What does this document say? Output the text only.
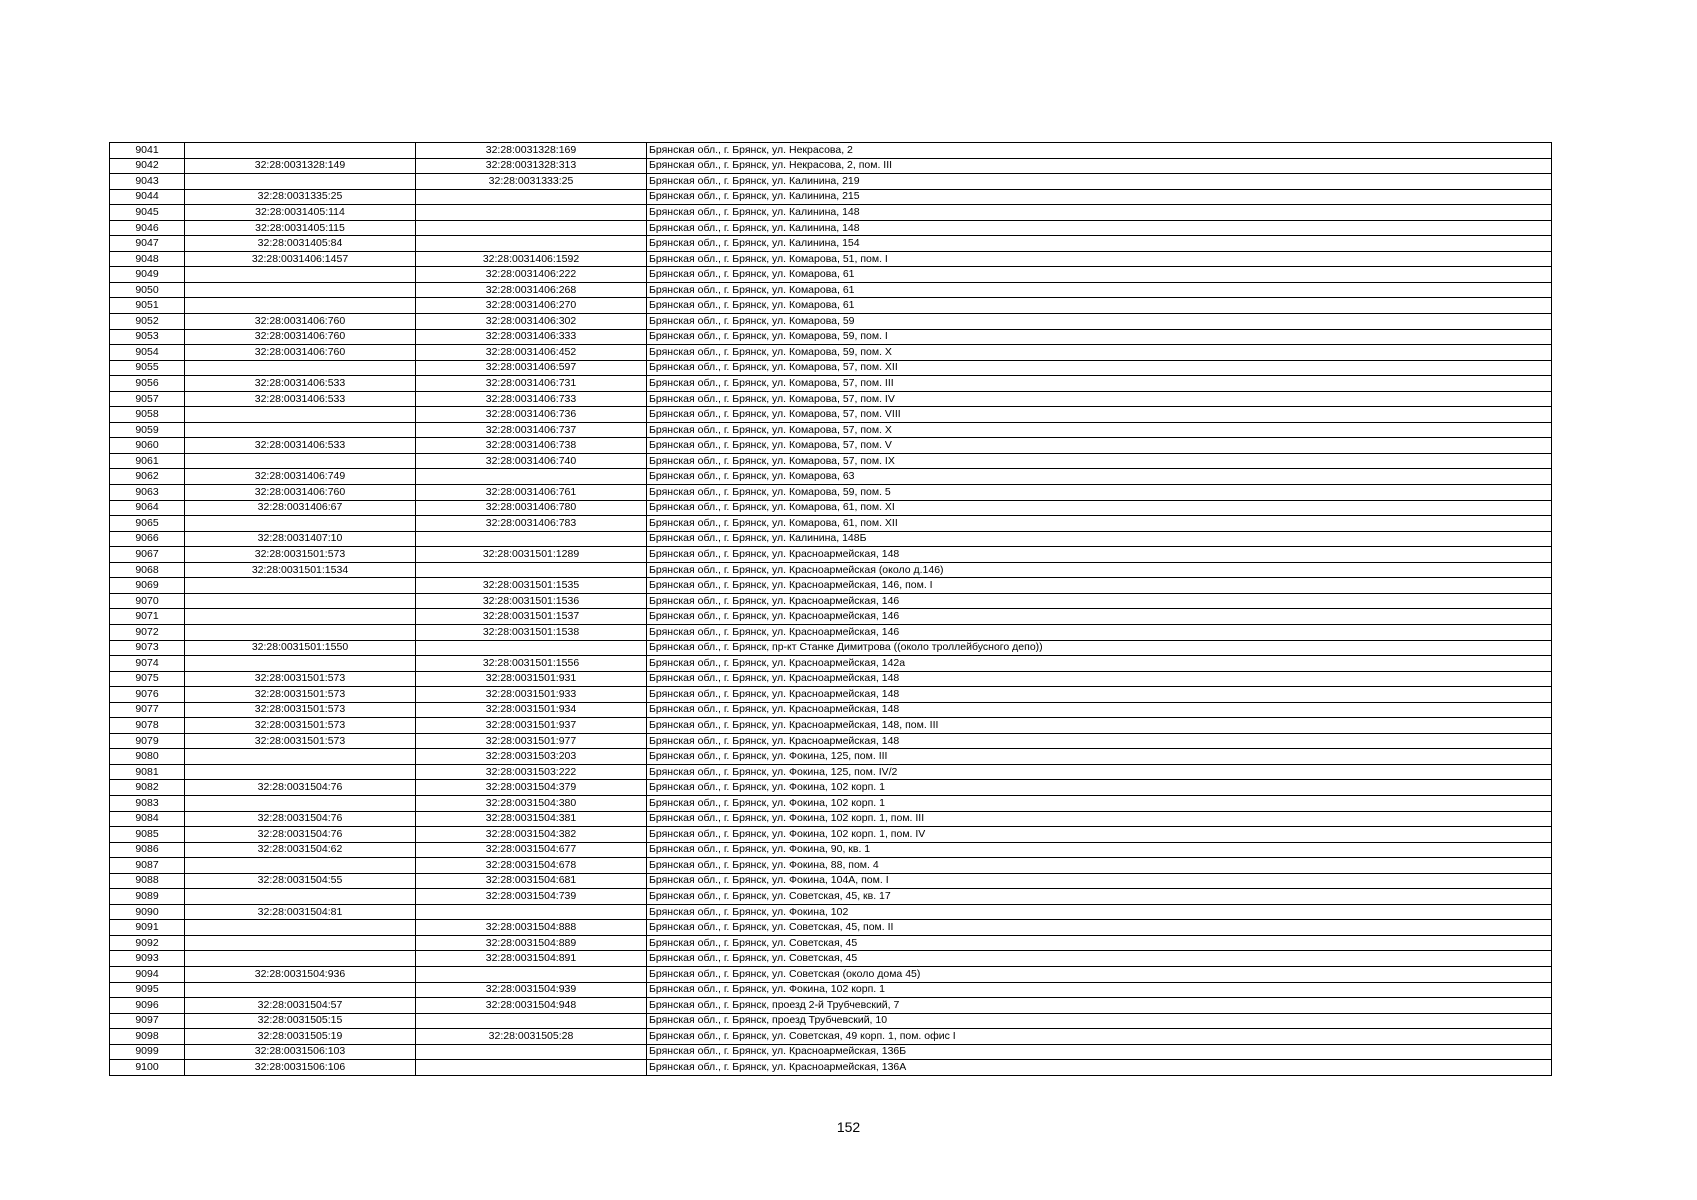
9041		32:28:0031328:169	Брянская обл., г. Брянск, ул. Некрасова, 2
9042	32:28:0031328:149	32:28:0031328:313	Брянская обл., г. Брянск, ул. Некрасова, 2, пом. III
9043		32:28:0031333:25	Брянская обл., г. Брянск, ул. Калинина, 219
9044	32:28:0031335:25		Брянская обл., г. Брянск, ул. Калинина, 215
9045	32:28:0031405:114		Брянская обл., г. Брянск, ул. Калинина, 148
9046	32:28:0031405:115		Брянская обл., г. Брянск, ул. Калинина, 148
9047	32:28:0031405:84		Брянская обл., г. Брянск, ул. Калинина, 154
9048	32:28:0031406:1457	32:28:0031406:1592	Брянская обл., г. Брянск, ул. Комарова, 51, пом. I
9049		32:28:0031406:222	Брянская обл., г. Брянск, ул. Комарова, 61
9050		32:28:0031406:268	Брянская обл., г. Брянск, ул. Комарова, 61
9051		32:28:0031406:270	Брянская обл., г. Брянск, ул. Комарова, 61
9052	32:28:0031406:760	32:28:0031406:302	Брянская обл., г. Брянск, ул. Комарова, 59
9053	32:28:0031406:760	32:28:0031406:333	Брянская обл., г. Брянск, ул. Комарова, 59, пом. I
9054	32:28:0031406:760	32:28:0031406:452	Брянская обл., г. Брянск, ул. Комарова, 59, пом. X
9055		32:28:0031406:597	Брянская обл., г. Брянск, ул. Комарова, 57, пом. XII
9056	32:28:0031406:533	32:28:0031406:731	Брянская обл., г. Брянск, ул. Комарова, 57, пом. III
9057	32:28:0031406:533	32:28:0031406:733	Брянская обл., г. Брянск, ул. Комарова, 57, пом. IV
9058		32:28:0031406:736	Брянская обл., г. Брянск, ул. Комарова, 57, пом. VIII
9059		32:28:0031406:737	Брянская обл., г. Брянск, ул. Комарова, 57, пом. X
9060	32:28:0031406:533	32:28:0031406:738	Брянская обл., г. Брянск, ул. Комарова, 57, пом. V
9061		32:28:0031406:740	Брянская обл., г. Брянск, ул. Комарова, 57, пом. IX
9062	32:28:0031406:749		Брянская обл., г. Брянск, ул. Комарова, 63
9063	32:28:0031406:760	32:28:0031406:761	Брянская обл., г. Брянск, ул. Комарова, 59, пом. 5
9064	32:28:0031406:67	32:28:0031406:780	Брянская обл., г. Брянск, ул. Комарова, 61, пом. XI
9065		32:28:0031406:783	Брянская обл., г. Брянск, ул. Комарова, 61, пом. XII
9066	32:28:0031407:10		Брянская обл., г. Брянск, ул. Калинина, 148Б
9067	32:28:0031501:573	32:28:0031501:1289	Брянская обл., г. Брянск, ул. Красноармейская, 148
9068	32:28:0031501:1534		Брянская обл., г. Брянск, ул. Красноармейская (около д.146)
9069		32:28:0031501:1535	Брянская обл., г. Брянск, ул. Красноармейская, 146, пом. I
9070		32:28:0031501:1536	Брянская обл., г. Брянск, ул. Красноармейская, 146
9071		32:28:0031501:1537	Брянская обл., г. Брянск, ул. Красноармейская, 146
9072		32:28:0031501:1538	Брянская обл., г. Брянск, ул. Красноармейская, 146
9073	32:28:0031501:1550		Брянская обл., г. Брянск, пр-кт Станке Димитрова ((около троллейбусного депо))
9074		32:28:0031501:1556	Брянская обл., г. Брянск, ул. Красноармейская, 142а
9075	32:28:0031501:573	32:28:0031501:931	Брянская обл., г. Брянск, ул. Красноармейская, 148
9076	32:28:0031501:573	32:28:0031501:933	Брянская обл., г. Брянск, ул. Красноармейская, 148
9077	32:28:0031501:573	32:28:0031501:934	Брянская обл., г. Брянск, ул. Красноармейская, 148
9078	32:28:0031501:573	32:28:0031501:937	Брянская обл., г. Брянск, ул. Красноармейская, 148, пом. III
9079	32:28:0031501:573	32:28:0031501:977	Брянская обл., г. Брянск, ул. Красноармейская, 148
9080		32:28:0031503:203	Брянская обл., г. Брянск, ул. Фокина, 125, пом. III
9081		32:28:0031503:222	Брянская обл., г. Брянск, ул. Фокина, 125, пом. IV/2
9082	32:28:0031504:76	32:28:0031504:379	Брянская обл., г. Брянск, ул. Фокина, 102 корп. 1
9083		32:28:0031504:380	Брянская обл., г. Брянск, ул. Фокина, 102 корп. 1
9084	32:28:0031504:76	32:28:0031504:381	Брянская обл., г. Брянск, ул. Фокина, 102 корп. 1, пом. III
9085	32:28:0031504:76	32:28:0031504:382	Брянская обл., г. Брянск, ул. Фокина, 102 корп. 1, пом. IV
9086	32:28:0031504:62	32:28:0031504:677	Брянская обл., г. Брянск, ул. Фокина, 90, кв. 1
9087		32:28:0031504:678	Брянская обл., г. Брянск, ул. Фокина, 88, пом. 4
9088	32:28:0031504:55	32:28:0031504:681	Брянская обл., г. Брянск, ул. Фокина, 104А, пом. I
9089		32:28:0031504:739	Брянская обл., г. Брянск, ул. Советская, 45, кв. 17
9090	32:28:0031504:81		Брянская обл., г. Брянск, ул. Фокина, 102
9091		32:28:0031504:888	Брянская обл., г. Брянск, ул. Советская, 45, пом. II
9092		32:28:0031504:889	Брянская обл., г. Брянск, ул. Советская, 45
9093		32:28:0031504:891	Брянская обл., г. Брянск, ул. Советская, 45
9094	32:28:0031504:936		Брянская обл., г. Брянск, ул. Советская (около дома 45)
9095		32:28:0031504:939	Брянская обл., г. Брянск, ул. Фокина, 102 корп. 1
9096	32:28:0031504:57	32:28:0031504:948	Брянская обл., г. Брянск, проезд 2-й Трубчевский, 7
9097	32:28:0031505:15		Брянская обл., г. Брянск, проезд Трубчевский, 10
9098	32:28:0031505:19	32:28:0031505:28	Брянская обл., г. Брянск, ул. Советская, 49 корп. 1, пом. офис I
9099	32:28:0031506:103		Брянская обл., г. Брянск, ул. Красноармейская, 136Б
9100	32:28:0031506:106		Брянская обл., г. Брянск, ул. Красноармейская, 136А
152
